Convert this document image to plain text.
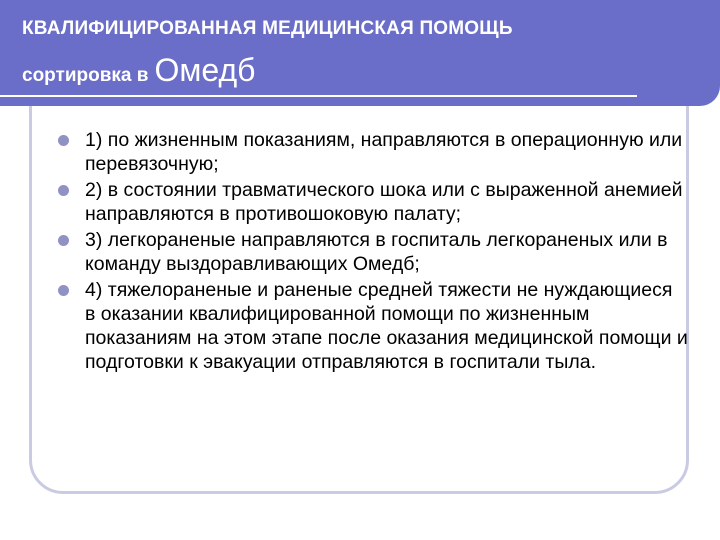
КВАЛИФИЦИРОВАННАЯ МЕДИЦИНСКАЯ ПОМОЩЬ
сортировка в Омедб
1) по жизненным показаниям, направляются в операционную или перевязочную;
2) в состоянии травматического шока или с выраженной анемией направляются в противошоковую палату;
3) легкораненые направляются в госпиталь легкораненых или в команду выздоравливающих Омедб;
4) тяжелораненые и раненые средней тяжести не нуждающиеся в оказании квалифицированной помощи по жизненным показаниям на этом этапе после оказания медицинской помощи и подготовки к эвакуации отправляются в госпитали тыла.
